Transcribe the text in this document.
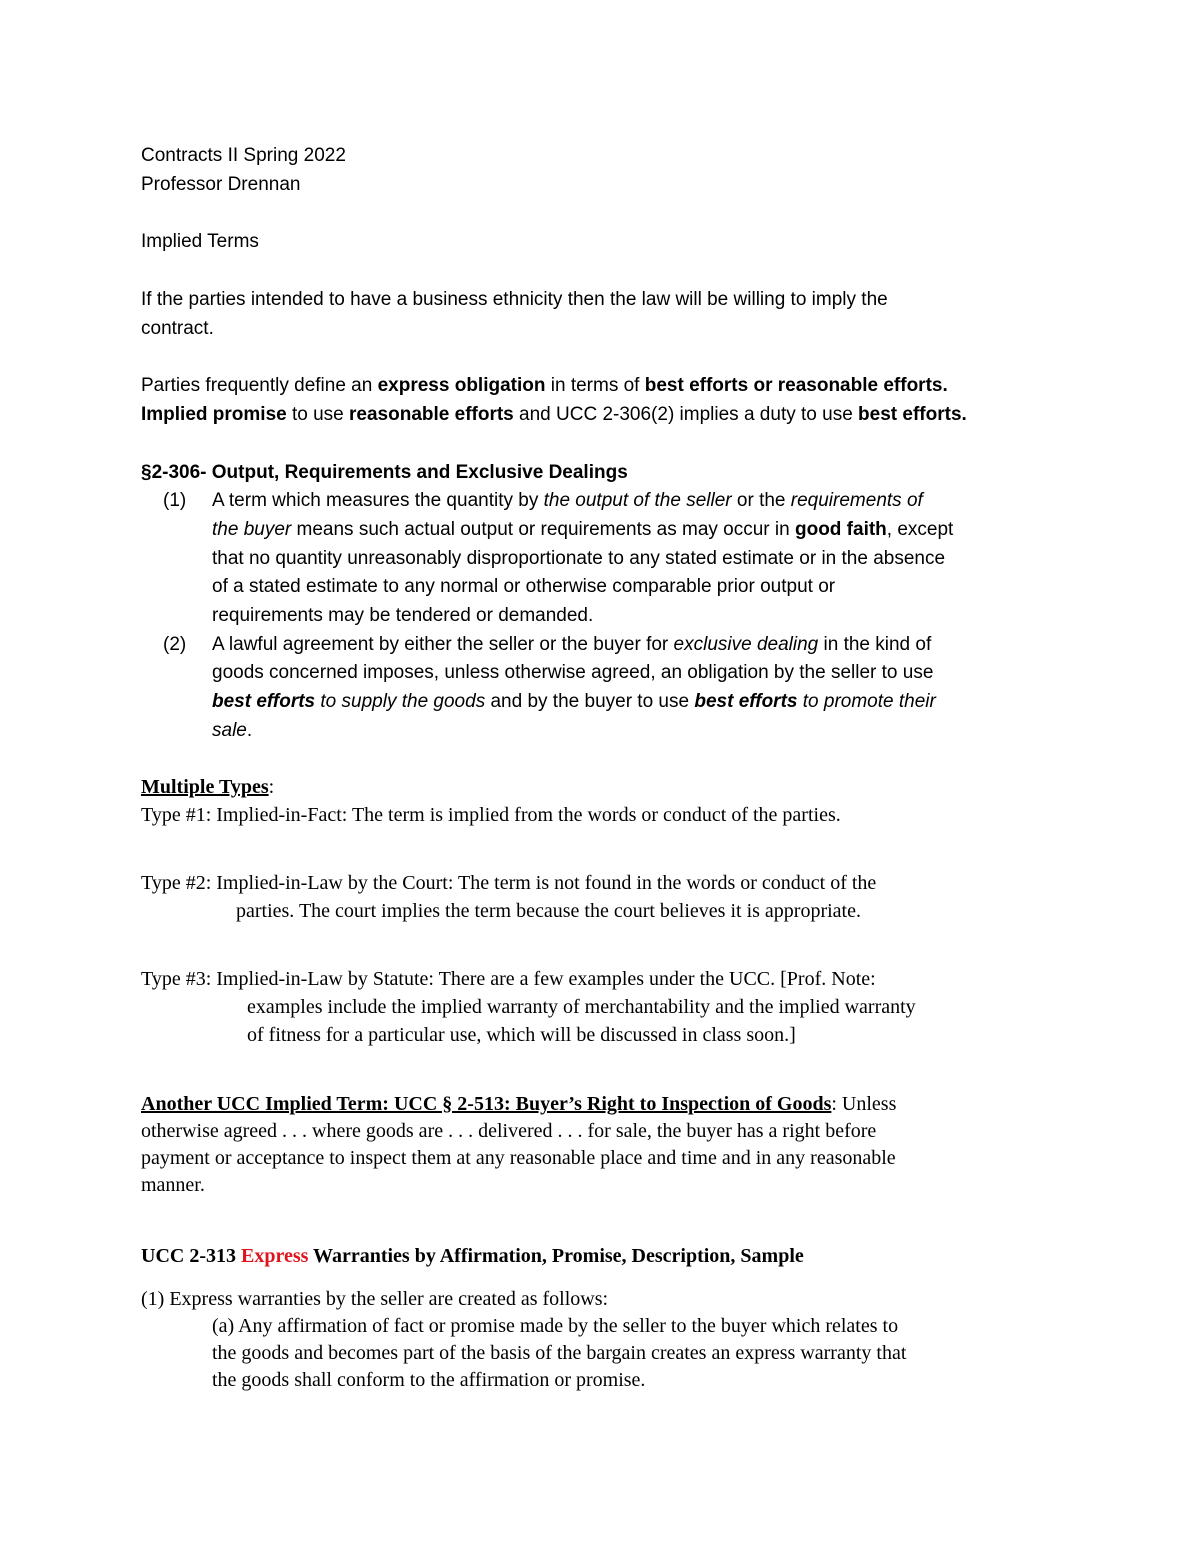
Contracts II Spring 2022
Professor Drennan
Implied Terms
If the parties intended to have a business ethnicity then the law will be willing to imply the
contract.
Parties frequently define an express obligation in terms of best efforts or reasonable efforts.
Implied promise to use reasonable efforts and UCC 2-306(2) implies a duty to use best efforts.
§2-306- Output, Requirements and Exclusive Dealings
(1) A term which measures the quantity by the output of the seller or the requirements of
the buyer means such actual output or requirements as may occur in good faith, except
that no quantity unreasonably disproportionate to any stated estimate or in the absence
of a stated estimate to any normal or otherwise comparable prior output or
requirements may be tendered or demanded.
(2) A lawful agreement by either the seller or the buyer for exclusive dealing in the kind of
goods concerned imposes, unless otherwise agreed, an obligation by the seller to use
best efforts to supply the goods and by the buyer to use best efforts to promote their
sale.
Multiple Types:
Type #1: Implied-in-Fact: The term is implied from the words or conduct of the parties.
Type #2: Implied-in-Law by the Court: The term is not found in the words or conduct of the
parties. The court implies the term because the court believes it is appropriate.
Type #3: Implied-in-Law by Statute: There are a few examples under the UCC. [Prof. Note:
examples include the implied warranty of merchantability and the implied warranty
of fitness for a particular use, which will be discussed in class soon.]
Another UCC Implied Term: UCC § 2-513: Buyer’s Right to Inspection of Goods: Unless
otherwise agreed . . . where goods are . . . delivered . . . for sale, the buyer has a right before
payment or acceptance to inspect them at any reasonable place and time and in any reasonable
manner.
UCC 2-313 Express Warranties by Affirmation, Promise, Description, Sample
(1) Express warranties by the seller are created as follows:
(a) Any affirmation of fact or promise made by the seller to the buyer which relates to
the goods and becomes part of the basis of the bargain creates an express warranty that
the goods shall conform to the affirmation or promise.
